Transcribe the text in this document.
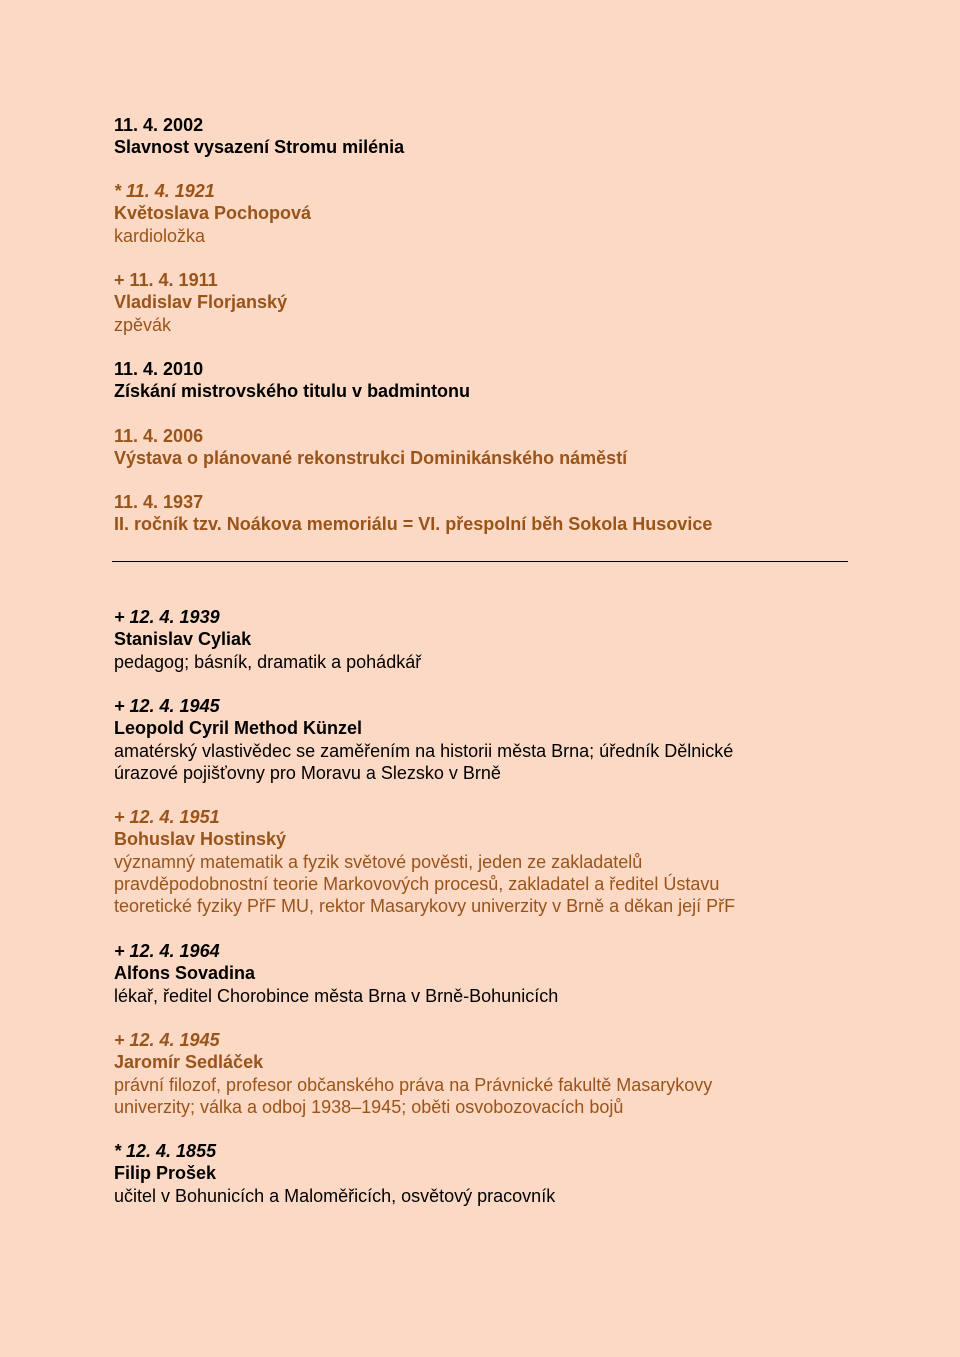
11. 4. 2002
Slavnost vysazení Stromu milénia
* 11. 4. 1921
Květoslava Pochopová
kardioložka
+ 11. 4. 1911
Vladislav Florjanský
zpěvák
11. 4. 2010
Získání mistrovského titulu v badmintonu
11. 4. 2006
Výstava o plánované rekonstrukci Dominikánského náměstí
11. 4. 1937
II. ročník tzv. Noákova memoriálu = VI. přespolní běh Sokola Husovice
+ 12. 4. 1939
Stanislav Cyliak
pedagog; básník, dramatik a pohádkář
+ 12. 4. 1945
Leopold Cyril Method Künzel
amatérský vlastivědec se zaměřením na historii města Brna; úředník Dělnické
úrazové pojišťovny pro Moravu a Slezsko v Brně
+ 12. 4. 1951
Bohuslav Hostinský
významný matematik a fyzik světové pověsti, jeden ze zakladatelů
pravděpodobnostní teorie Markovových procesů, zakladatel a ředitel Ústavu
teoretické fyziky PřF MU, rektor Masarykovy univerzity v Brně a děkan její PřF
+ 12. 4. 1964
Alfons Sovadina
lékař, ředitel Chorobince města Brna v Brně-Bohunicích
+ 12. 4. 1945
Jaromír Sedláček
právní filozof, profesor občanského práva na Právnické fakultě Masarykovy
univerzity; válka a odboj 1938–1945; oběti osvobozovacích bojů
* 12. 4. 1855
Filip Prošek
učitel v Bohunicích a Maloměřicích, osvětový pracovník
